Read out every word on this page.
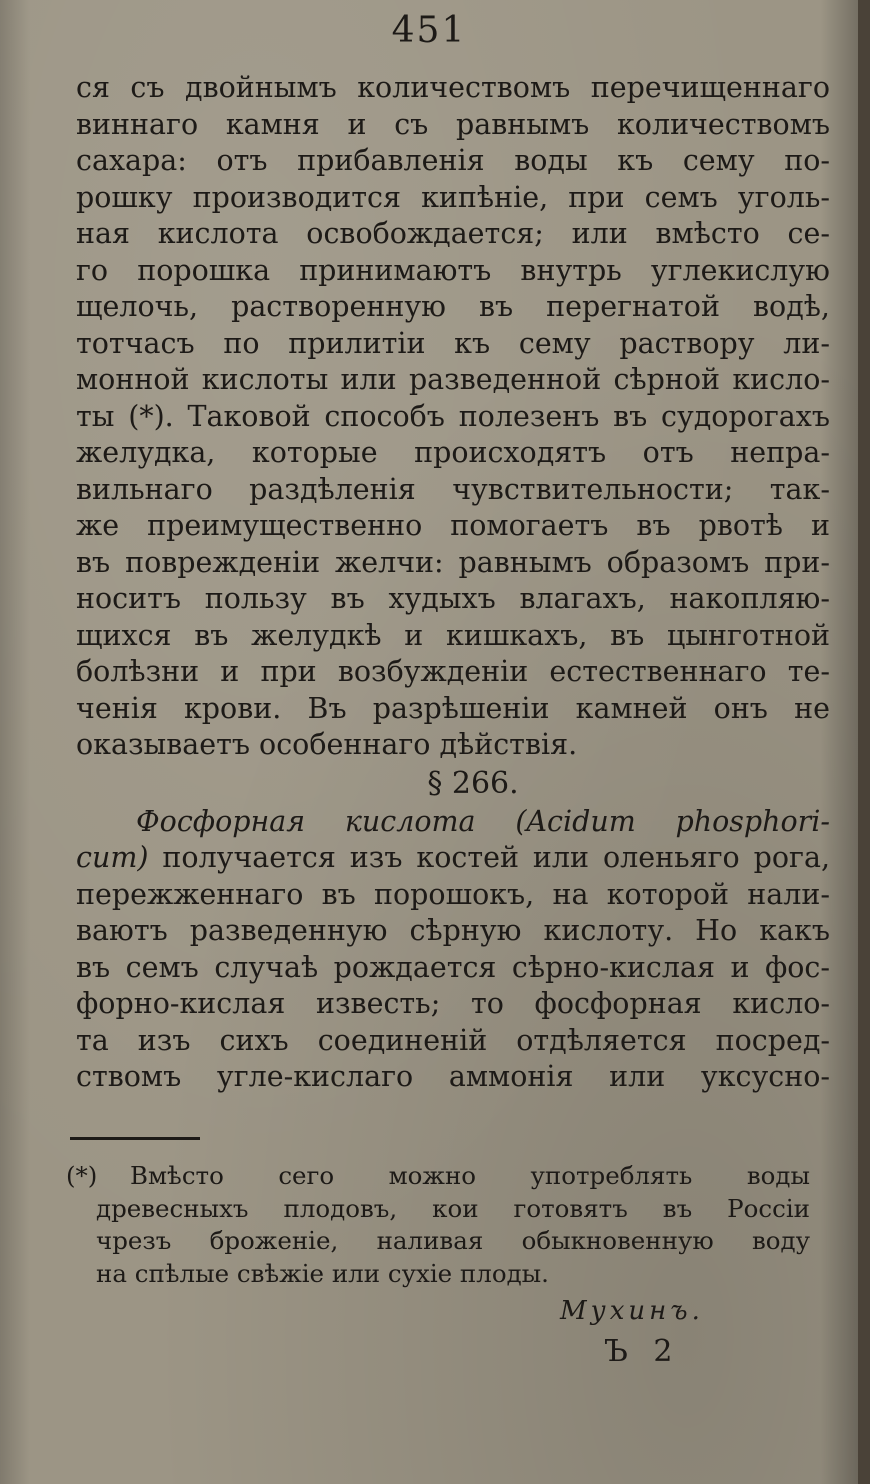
451
ся съ двойнымъ количествомъ перечищеннаго
виннаго камня и съ равнымъ количествомъ
сахара: отъ прибавленія воды къ сему по-
рошку производится кипѣніе, при семъ уголь-
ная кислота освобождается; или вмѣсто се-
го порошка принимаютъ внутрь углекислую
щелочь, растворенную въ перегнатой водѣ,
тотчасъ по прилитіи къ сему раствору ли-
монной кислоты или разведенной сѣрной кисло-
ты (*). Таковой способъ полезенъ въ судорогахъ
желудка, которые происходятъ отъ непра-
вильнаго раздѣленія чувствительности; так-
же преимущественно помогаетъ въ рвотѣ и
въ поврежденіи желчи: равнымъ образомъ при-
носитъ пользу въ худыхъ влагахъ, накопляю-
щихся въ желудкѣ и кишкахъ, въ цынготной
болѣзни и при возбужденіи естественнаго те-
ченія крови. Въ разрѣшеніи камней онъ не
оказываетъ особеннаго дѣйствія.
§ 266.
Фосфорная кислота (Acidum phosphori-
cum) получается изъ костей или оленьяго рога,
пережженнаго въ порошокъ, на которой нали-
ваютъ разведенную сѣрную кислоту. Но какъ
въ семъ случаѣ рождается сѣрно-кислая и фос-
форно-кислая известь; то фосфорная кисло-
та изъ сихъ соединеній отдѣляется посред-
ствомъ угле-кислаго аммонія или уксусно-
(*) Вмѣсто сего можно употреблять воды
древесныхъ плодовъ, кои готовятъ въ Россіи
чрезъ броженіе, наливая обыкновенную воду
на спѣлые свѣжіе или сухіе плоды.
Мухинъ.
Ъ 2
